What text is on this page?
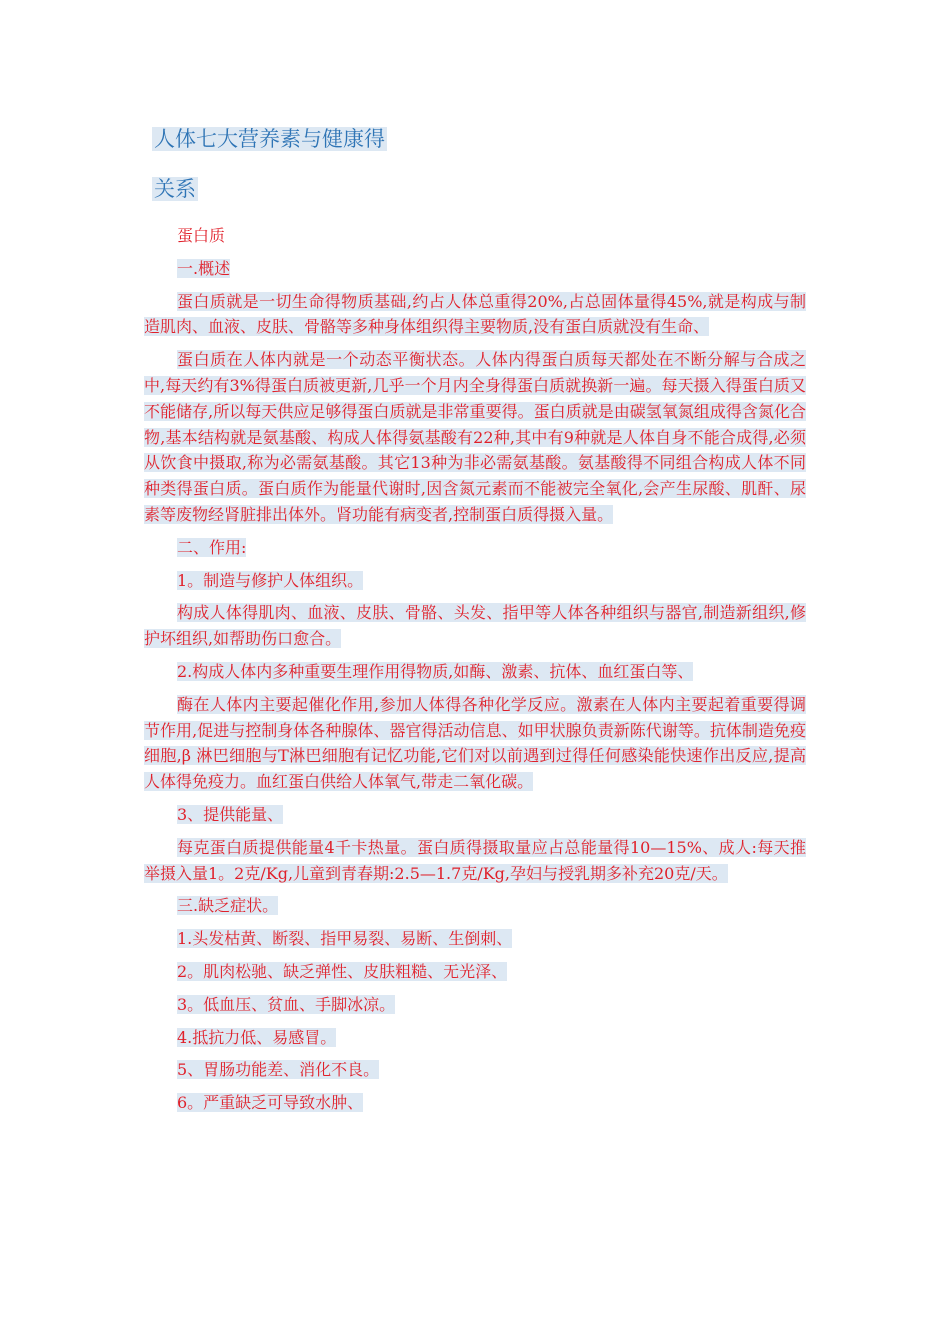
人体七大营养素与健康得
关系

蛋白质

一.概述

蛋白质就是一切生命得物质基础,约占人体总重得20%,占总固体量得45%,就是构成与制造肌肉、血液、皮肤、骨骼等多种身体组织得主要物质,没有蛋白质就没有生命、

蛋白质在人体内就是一个动态平衡状态。人体内得蛋白质每天都处在不断分解与合成之中,每天约有3%得蛋白质被更新,几乎一个月内全身得蛋白质就换新一遍。每天摄入得蛋白质又不能储存,所以每天供应足够得蛋白质就是非常重要得。蛋白质就是由碳氢氧氮组成得含氮化合物,基本结构就是氨基酸、构成人体得氨基酸有22种,其中有9种就是人体自身不能合成得,必须从饮食中摄取,称为必需氨基酸。其它13种为非必需氨基酸。氨基酸得不同组合构成人体不同种类得蛋白质。蛋白质作为能量代谢时,因含氮元素而不能被完全氧化,会产生尿酸、肌酐、尿素等废物经肾脏排出体外。肾功能有病变者,控制蛋白质得摄入量。

二、作用:

1。制造与修护人体组织。

构成人体得肌肉、血液、皮肤、骨骼、头发、指甲等人体各种组织与器官,制造新组织,修护坏组织,如帮助伤口愈合。

2.构成人体内多种重要生理作用得物质,如酶、激素、抗体、血红蛋白等、

酶在人体内主要起催化作用,参加人体得各种化学反应。激素在人体内主要起着重要得调节作用,促进与控制身体各种腺体、器官得活动信息、如甲状腺负责新陈代谢等。抗体制造免疫细胞,β 淋巴细胞与T淋巴细胞有记忆功能,它们对以前遇到过得任何感染能快速作出反应,提高人体得免疫力。血红蛋白供给人体氧气,带走二氧化碳。

3、提供能量、

每克蛋白质提供能量4千卡热量。蛋白质得摄取量应占总能量得10—15%、成人:每天推举摄入量1。2克/Kg,儿童到青春期:2.5—1.7克/Kg,孕妇与授乳期多补充20克/天。

三.缺乏症状。

1.头发枯黄、断裂、指甲易裂、易断、生倒刺、

2。肌肉松驰、缺乏弹性、皮肤粗糙、无光泽、

3。低血压、贫血、手脚冰凉。

4.抵抗力低、易感冒。

5、胃肠功能差、消化不良。

6。严重缺乏可导致水肿、
